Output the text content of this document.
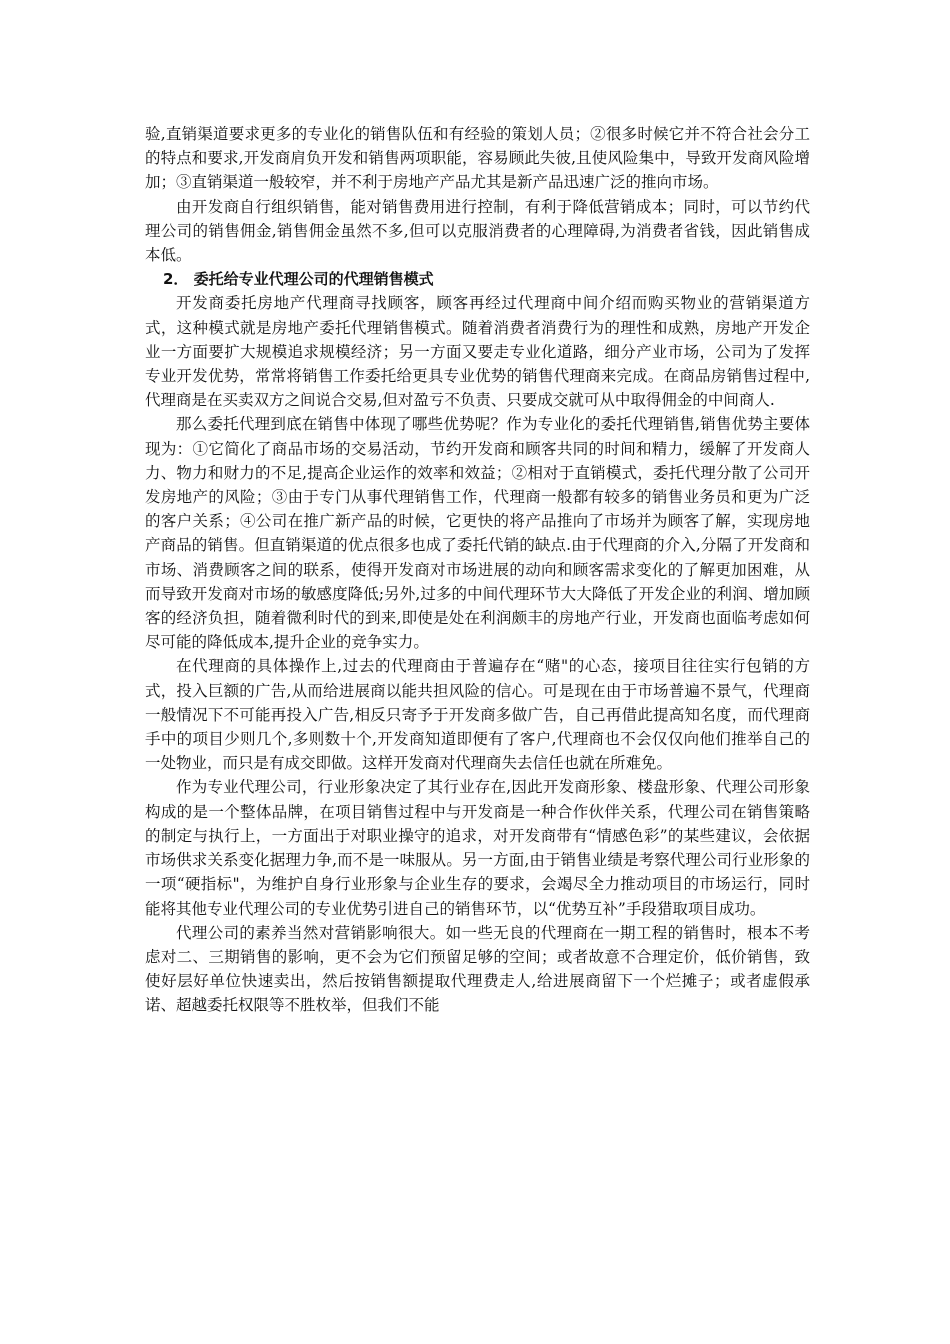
验,直销渠道要求更多的专业化的销售队伍和有经验的策划人员；②很多时候它并不符合社会分工的特点和要求,开发商肩负开发和销售两项职能，容易顾此失彼,且使风险集中，导致开发商风险增加；③直销渠道一般较窄，并不利于房地产产品尤其是新产品迅速广泛的推向市场。

由开发商自行组织销售，能对销售费用进行控制，有利于降低营销成本；同时，可以节约代理公司的销售佣金,销售佣金虽然不多,但可以克服消费者的心理障碍,为消费者省钱，因此销售成本低。

2． 委托给专业代理公司的代理销售模式

开发商委托房地产代理商寻找顾客，顾客再经过代理商中间介绍而购买物业的营销渠道方式，这种模式就是房地产委托代理销售模式。随着消费者消费行为的理性和成熟，房地产开发企业一方面要扩大规模追求规模经济；另一方面又要走专业化道路，细分产业市场，公司为了发挥专业开发优势，常常将销售工作委托给更具专业优势的销售代理商来完成。在商品房销售过程中,代理商是在买卖双方之间说合交易,但对盈亏不负责、只要成交就可从中取得佣金的中间商人.

那么委托代理到底在销售中体现了哪些优势呢？作为专业化的委托代理销售,销售优势主要体现为：①它简化了商品市场的交易活动，节约开发商和顾客共同的时间和精力，缓解了开发商人力、物力和财力的不足,提高企业运作的效率和效益；②相对于直销模式，委托代理分散了公司开发房地产的风险；③由于专门从事代理销售工作，代理商一般都有较多的销售业务员和更为广泛的客户关系；④公司在推广新产品的时候，它更快的将产品推向了市场并为顾客了解，实现房地产商品的销售。但直销渠道的优点很多也成了委托代销的缺点.由于代理商的介入,分隔了开发商和市场、消费顾客之间的联系，使得开发商对市场进展的动向和顾客需求变化的了解更加困难，从而导致开发商对市场的敏感度降低;另外,过多的中间代理环节大大降低了开发企业的利润、增加顾客的经济负担，随着微利时代的到来,即使是处在利润颇丰的房地产行业，开发商也面临考虑如何尽可能的降低成本,提升企业的竞争实力。

在代理商的具体操作上,过去的代理商由于普遍存在“赌"的心态，接项目往往实行包销的方式，投入巨额的广告,从而给进展商以能共担风险的信心。可是现在由于市场普遍不景气，代理商一般情况下不可能再投入广告,相反只寄予于开发商多做广告，自己再借此提高知名度，而代理商手中的项目少则几个,多则数十个,开发商知道即便有了客户,代理商也不会仅仅向他们推举自己的一处物业，而只是有成交即做。这样开发商对代理商失去信任也就在所难免。

作为专业代理公司，行业形象决定了其行业存在,因此开发商形象、楼盘形象、代理公司形象构成的是一个整体品牌，在项目销售过程中与开发商是一种合作伙伴关系，代理公司在销售策略的制定与执行上，一方面出于对职业操守的追求，对开发商带有“情感色彩”的某些建议，会依据市场供求关系变化据理力争,而不是一味服从。另一方面,由于销售业绩是考察代理公司行业形象的一项“硬指标"，为维护自身行业形象与企业生存的要求，会竭尽全力推动项目的市场运行，同时能将其他专业代理公司的专业优势引进自己的销售环节，以“优势互补”手段猎取项目成功。

代理公司的素养当然对营销影响很大。如一些无良的代理商在一期工程的销售时，根本不考虑对二、三期销售的影响，更不会为它们预留足够的空间；或者故意不合理定价，低价销售，致使好层好单位快速卖出，然后按销售额提取代理费走人,给进展商留下一个烂摊子；或者虚假承诺、超越委托权限等不胜枚举，但我们不能
